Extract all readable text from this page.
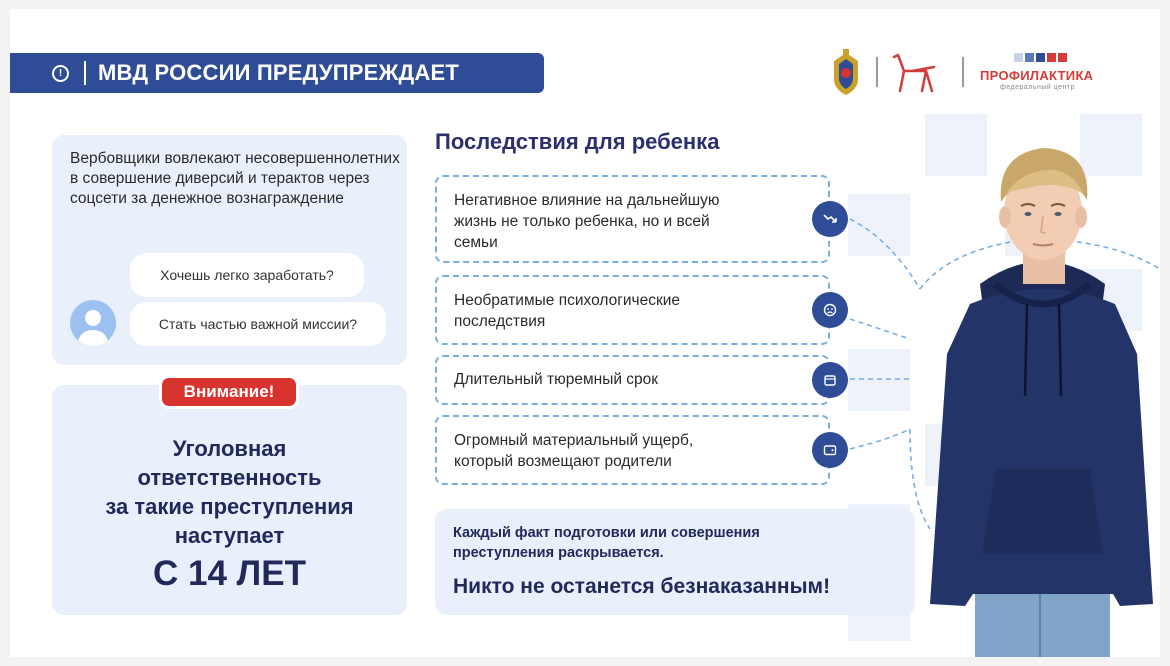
!	МВД РОССИИ ПРЕДУПРЕЖДАЕТ	ПРОФИЛАКТИКА
федеральный центр
Вербовщики вовлекают несовершеннолетних в совершение диверсий и терактов через соцсети за денежное вознаграждение
Хочешь легко заработать?
Стать частью важной миссии?
Внимание!
Уголовная
ответственность
за такие преступления
наступает
С 14 ЛЕТ
Последствия для ребенка
Негативное влияние на дальнейшую
жизнь не только ребенка, но и всей
семьи
Необратимые психологические
последствия
Длительный тюремный срок
Огромный материальный ущерб,
который возмещают родители
Каждый факт подготовки или совершения
преступления раскрывается.
Никто не останется безнаказанным!
